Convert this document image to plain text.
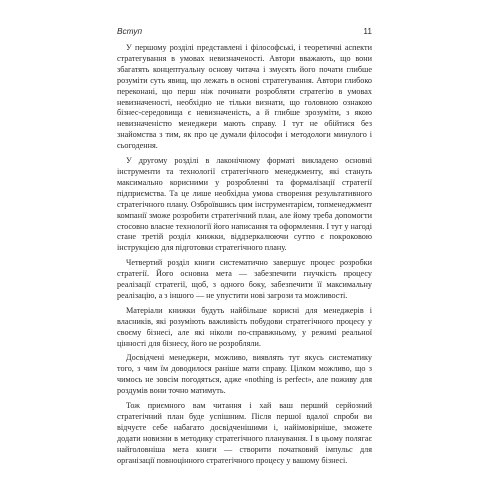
Вступ	11

У першому розділі представлені і філософські, і теоретичні аспекти стратегування в умовах невизначеності. Автори вважають, що вони збагатять концептуальну основу читача і змусять його почати глибше розуміти суть явищ, що лежать в основі стратегування. Автори глибоко переконані, що перш ніж починати розробляти стратегію в умовах невизначеності, необхідно не тільки визнати, що головною ознакою бізнес-середовища є невизначеність, а й глибше зрозуміти, з якою невизначеністю менеджери мають справу. І тут не обійтися без знайомства з тим, як про це думали філософи і методологи минулого і сьогодення.

У другому розділі в лаконічному форматі викладено основні інструменти та технології стратегічного менеджменту, які стануть максимально корисними у розробленні та формалізації стратегії підприємства. Та це лише необхідна умова створення результативного стратегічного плану. Озброївшись цим інструментарієм, топменеджмент компанії зможе розробити стратегічний план, але йому треба допомогти стосовно власне технології його написання та оформлення. І тут у нагоді стане третій розділ книжки, віддзеркалюючи суттю є покроковою інструкцією для підготовки стратегічного плану.

Четвертий розділ книги систематично завершує процес розробки стратегії. Його основна мета — забезпечити гнучкість процесу реалізації стратегії, щоб, з одного боку, забезпечити її максимальну реалізацію, а з іншого — не упустити нові загрози та можливості.

Матеріали книжки будуть найбільше корисні для менеджерів і власників, які розуміють важливість побудови стратегічного процесу у своєму бізнесі, але які ніколи по-справжньому, у режимі реальної цінності для бізнесу, його не розробляли.

Досвідчені менеджери, можливо, виявлять тут якусь систематику того, з чим їм доводилося раніше мати справу. Цілком можливо, що з чимось не зовсім погодяться, адже «nothing is perfect», але поживу для роздумів вони точно матимуть.

Тож приємного вам читання і хай ваш перший серйозний стратегічний план буде успішним. Після першої вдалої спроби ви відчуєте себе набагато досвідченішими і, найімовірніше, зможете додати новизни в методику стратегічного планування. І в цьому полягає найголовніша мета книги — створити початковий імпульс для організації повноцінного стратегічного процесу у вашому бізнесі.
